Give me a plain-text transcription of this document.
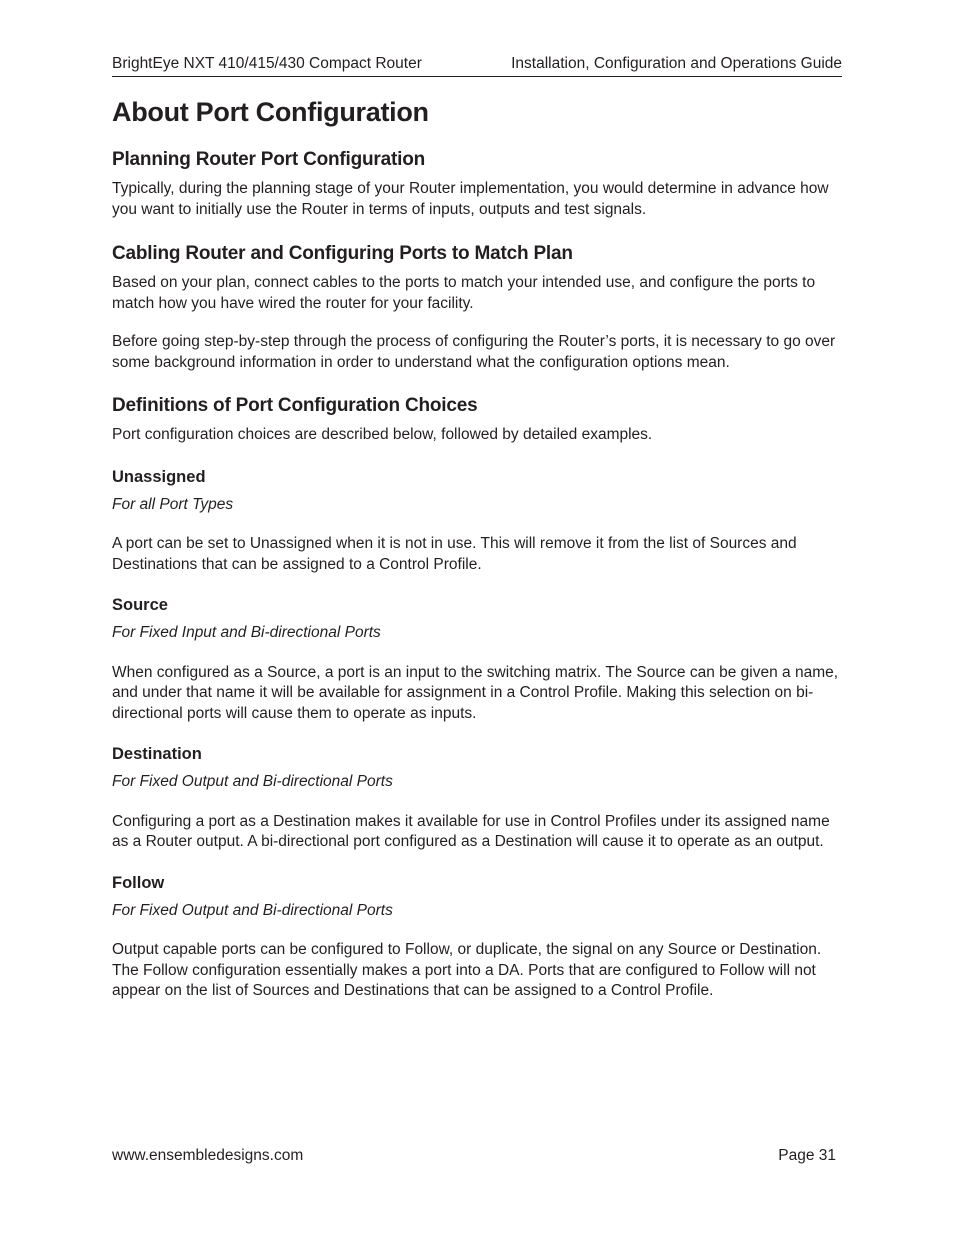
BrightEye NXT 410/415/430 Compact Router	Installation, Configuration and Operations Guide
About Port Configuration
Planning Router Port Configuration

Typically, during the planning stage of your Router implementation, you would determine in advance how you want to initially use the Router in terms of inputs, outputs and test signals.

Cabling Router and Configuring Ports to Match Plan

Based on your plan, connect cables to the ports to match your intended use, and configure the ports to match how you have wired the router for your facility.

Before going step-by-step through the process of configuring the Router’s ports, it is necessary to go over some background information in order to understand what the configuration options mean.

Definitions of Port Configuration Choices

Port configuration choices are described below, followed by detailed examples.

Unassigned

For all Port Types

A port can be set to Unassigned when it is not in use. This will remove it from the list of Sources and Destinations that can be assigned to a Control Profile.

Source

For Fixed Input and Bi-directional Ports

When configured as a Source, a port is an input to the switching matrix. The Source can be given a name, and under that name it will be available for assignment in a Control Profile. Making this selection on bi-directional ports will cause them to operate as inputs.

Destination

For Fixed Output and Bi-directional Ports

Configuring a port as a Destination makes it available for use in Control Profiles under its assigned name as a Router output. A bi-directional port configured as a Destination will cause it to operate as an output.

Follow

For Fixed Output and Bi-directional Ports

Output capable ports can be configured to Follow, or duplicate, the signal on any Source or Destination. The Follow configuration essentially makes a port into a DA. Ports that are configured to Follow will not appear on the list of Sources and Destinations that can be assigned to a Control Profile.

www.ensembledesigns.com	Page 31
